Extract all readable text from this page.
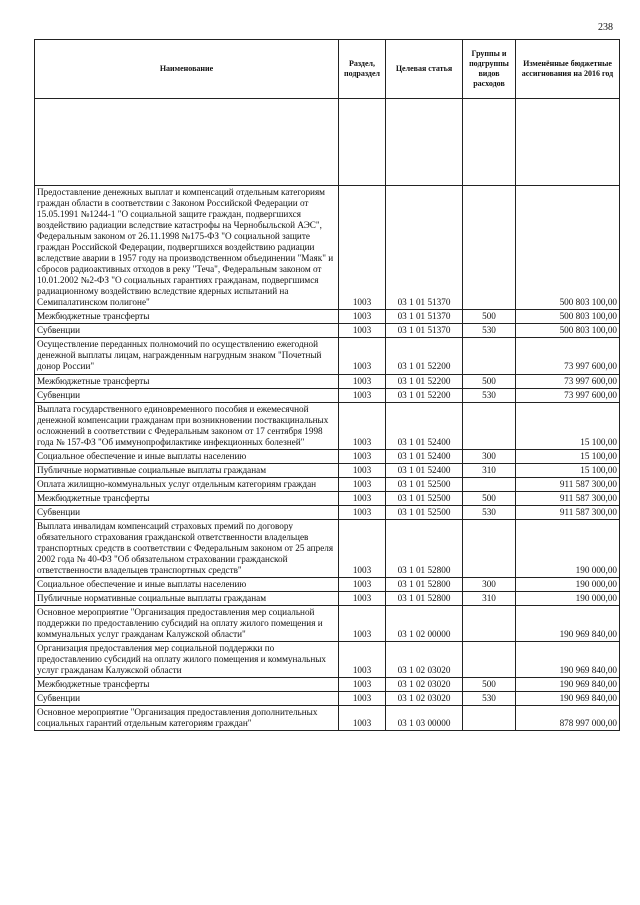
238
Наименование	Раздел, подраздел	Целевая статья	Группы и подгруппы видов расходов	Изменённые бюджетные ассигнования на 2016 год

Предоставление денежных выплат и компенсаций отдельным категориям граждан области в соответствии с Законом Российской Федерации от 15.05.1991 №1244-1 "О социальной защите граждан, подвергшихся воздействию радиации вследствие катастрофы на Чернобыльской АЭС", Федеральным законом от 26.11.1998 №175-ФЗ "О социальной защите граждан Российской Федерации, подвергшихся воздействию радиации вследствие аварии в 1957 году на производственном объединении "Маяк" и сбросов радиоактивных отходов в реку "Теча", Федеральным законом от 10.01.2002 №2-ФЗ "О социальных гарантиях гражданам, подвергшимся радиационному воздействию вследствие ядерных испытаний на Семипалатинском полигоне"	1003	03 1 01 51370		500 803 100,00
Межбюджетные трансферты	1003	03 1 01 51370	500	500 803 100,00
Субвенции	1003	03 1 01 51370	530	500 803 100,00
Осуществление переданных полномочий по осуществлению ежегодной денежной выплаты лицам, награжденным нагрудным знаком "Почетный донор России"	1003	03 1 01 52200		73 997 600,00
Межбюджетные трансферты	1003	03 1 01 52200	500	73 997 600,00
Субвенции	1003	03 1 01 52200	530	73 997 600,00
Выплата государственного единовременного пособия и ежемесячной денежной компенсации гражданам при возникновении поствакцинальных осложнений в соответствии с Федеральным законом от 17 сентября 1998 года № 157-ФЗ "Об иммунопрофилактике инфекционных болезней"	1003	03 1 01 52400		15 100,00
Социальное обеспечение и иные выплаты населению	1003	03 1 01 52400	300	15 100,00
Публичные нормативные социальные выплаты гражданам	1003	03 1 01 52400	310	15 100,00
Оплата жилищно-коммунальных услуг отдельным категориям граждан	1003	03 1 01 52500		911 587 300,00
Межбюджетные трансферты	1003	03 1 01 52500	500	911 587 300,00
Субвенции	1003	03 1 01 52500	530	911 587 300,00
Выплата инвалидам компенсаций страховых премий по договору обязательного страхования гражданской ответственности владельцев транспортных средств в соответствии с Федеральным законом от 25 апреля 2002 года № 40-ФЗ "Об обязательном страховании гражданской ответственности владельцев транспортных средств"	1003	03 1 01 52800		190 000,00
Социальное обеспечение и иные выплаты населению	1003	03 1 01 52800	300	190 000,00
Публичные нормативные социальные выплаты гражданам	1003	03 1 01 52800	310	190 000,00
Основное мероприятие "Организация предоставления мер социальной поддержки по предоставлению субсидий на оплату жилого помещения и коммунальных услуг гражданам Калужской области"	1003	03 1 02 00000		190 969 840,00
Организация предоставления мер социальной поддержки по предоставлению субсидий на оплату жилого помещения и коммунальных услуг гражданам Калужской области	1003	03 1 02 03020		190 969 840,00
Межбюджетные трансферты	1003	03 1 02 03020	500	190 969 840,00
Субвенции	1003	03 1 02 03020	530	190 969 840,00
Основное мероприятие "Организация предоставления дополнительных социальных гарантий отдельным категориям граждан"	1003	03 1 03 00000		878 997 000,00
